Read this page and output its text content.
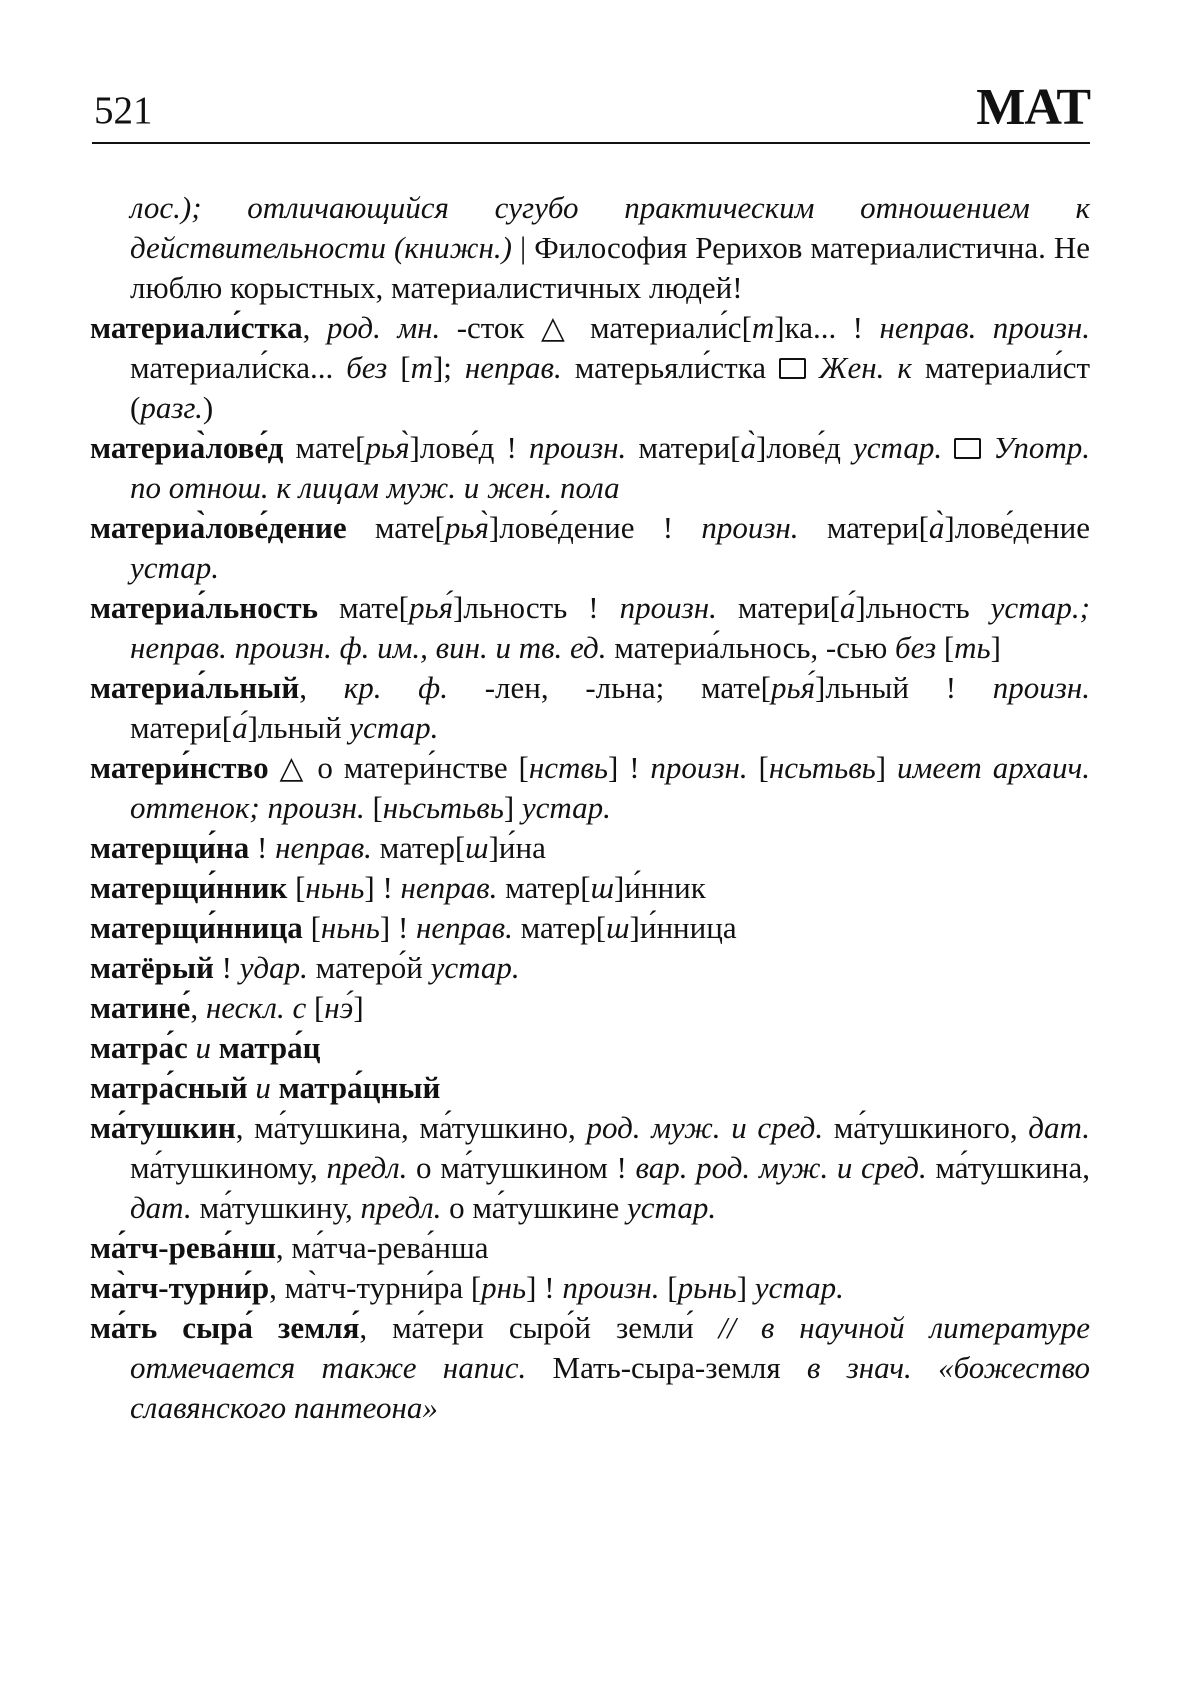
521	МАТ

лос.); отличающийся сугубо практическим отношением к действительности (книжн.) | Философия Рерихов материалистична. Не люблю корыстных, материалистичных людей!

материали́стка, род. мн. -сток △ материали́с[т]ка... ! неправ. произн. материали́ска... без [т]; неправ. матерьяли́стка  Жен. к материали́ст (разг.)

материа̀лове́д мате[рья̀]лове́д ! произн. матери[а̀]лове́д устар.  Употр. по отнош. к лицам муж. и жен. пола

материа̀лове́дение мате[рья̀]лове́дение ! произн. матери[а̀]лове́дение устар.

материа́льность мате[рья́]льность ! произн. матери[а́]льность устар.; неправ. произн. ф. им., вин. и тв. ед. материа́льнось, -сью без [ть]

материа́льный, кр. ф. -лен, -льна; мате[рья́]льный ! произн. матери[а́]льный устар.

матери́нство △ о матери́нстве [нствь] ! произн. [нсьтьвь] имеет архаич. оттенок; произн. [ньсьтьвь] устар.

матерщи́на ! неправ. матер[ш]и́на

матерщи́нник [ньнь] ! неправ. матер[ш]и́нник

матерщи́нница [ньнь] ! неправ. матер[ш]и́нница

матёрый ! удар. матеро́й устар.

матине́, нескл. с [нэ́]

матра́с и матра́ц

матра́сный и матра́цный

ма́тушкин, ма́тушкина, ма́тушкино, род. муж. и сред. ма́тушкиного, дат. ма́тушкиному, предл. о ма́тушкином ! вар. род. муж. и сред. ма́тушкина, дат. ма́тушкину, предл. о ма́тушкине устар.

ма́тч-рева́нш, ма́тча-рева́нша

ма̀тч-турни́р, ма̀тч-турни́ра [рнь] ! произн. [рьнь] устар.

ма́ть сыра́ земля́, ма́тери сыро́й земли́ // в научной литературе отмечается также напис. Мать-сыра-земля в знач. «божество славянского пантеона»
